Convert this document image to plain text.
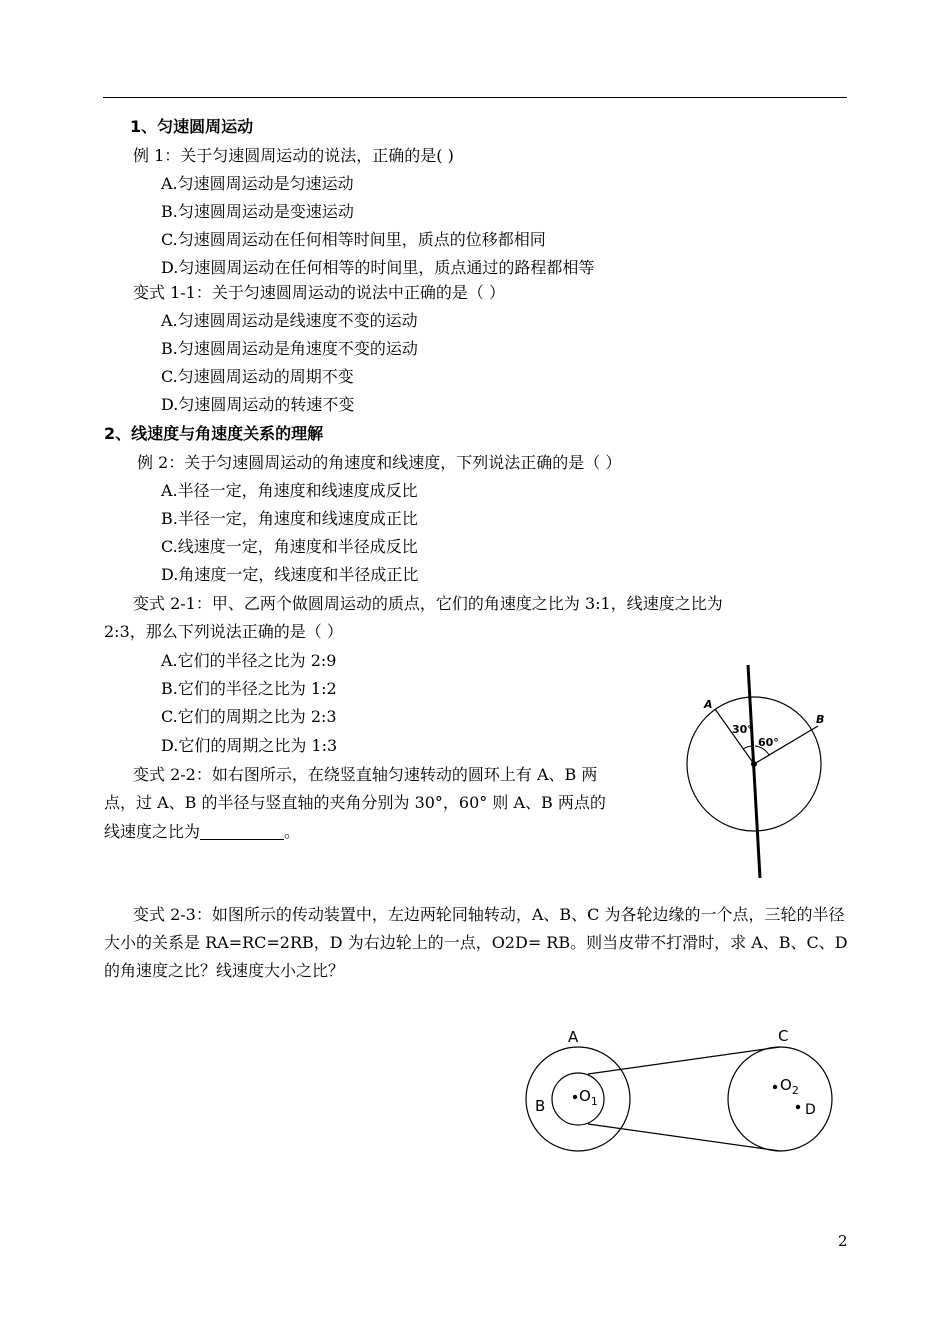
1、匀速圆周运动
例 1：关于匀速圆周运动的说法，正确的是( )
A.匀速圆周运动是匀速运动
B.匀速圆周运动是变速运动
C.匀速圆周运动在任何相等时间里，质点的位移都相同
D.匀速圆周运动在任何相等的时间里，质点通过的路程都相等
变式 1-1：关于匀速圆周运动的说法中正确的是（ ）
A.匀速圆周运动是线速度不变的运动
B.匀速圆周运动是角速度不变的运动
C.匀速圆周运动的周期不变
D.匀速圆周运动的转速不变
2、线速度与角速度关系的理解
例 2：关于匀速圆周运动的角速度和线速度，下列说法正确的是（ ）
A.半径一定，角速度和线速度成反比
B.半径一定，角速度和线速度成正比
C.线速度一定，角速度和半径成反比
D.角速度一定，线速度和半径成正比
变式 2-1：甲、乙两个做圆周运动的质点，它们的角速度之比为 3:1，线速度之比为
2:3，那么下列说法正确的是（ ）
A.它们的半径之比为 2:9
B.它们的半径之比为 1:2
C.它们的周期之比为 2:3
D.它们的周期之比为 1:3
变式 2-2：如右图所示，在绕竖直轴匀速转动的圆环上有 A、B 两
点，过 A、B 的半径与竖直轴的夹角分别为 30°，60° 则 A、B 两点的
线速度之比为	。
A
B
30°
60°
变式 2-3：如图所示的传动装置中，左边两轮同轴转动，A、B、C 为各轮边缘的一个点，三轮的半径大小的关系是 RA=RC=2RB，D 为右边轮上的一点，O2D= RB。则当皮带不打滑时，求 A、B、C、D 的角速度之比？线速度大小之比？
A
B
C
D
$O_1$
$O_2$
2
